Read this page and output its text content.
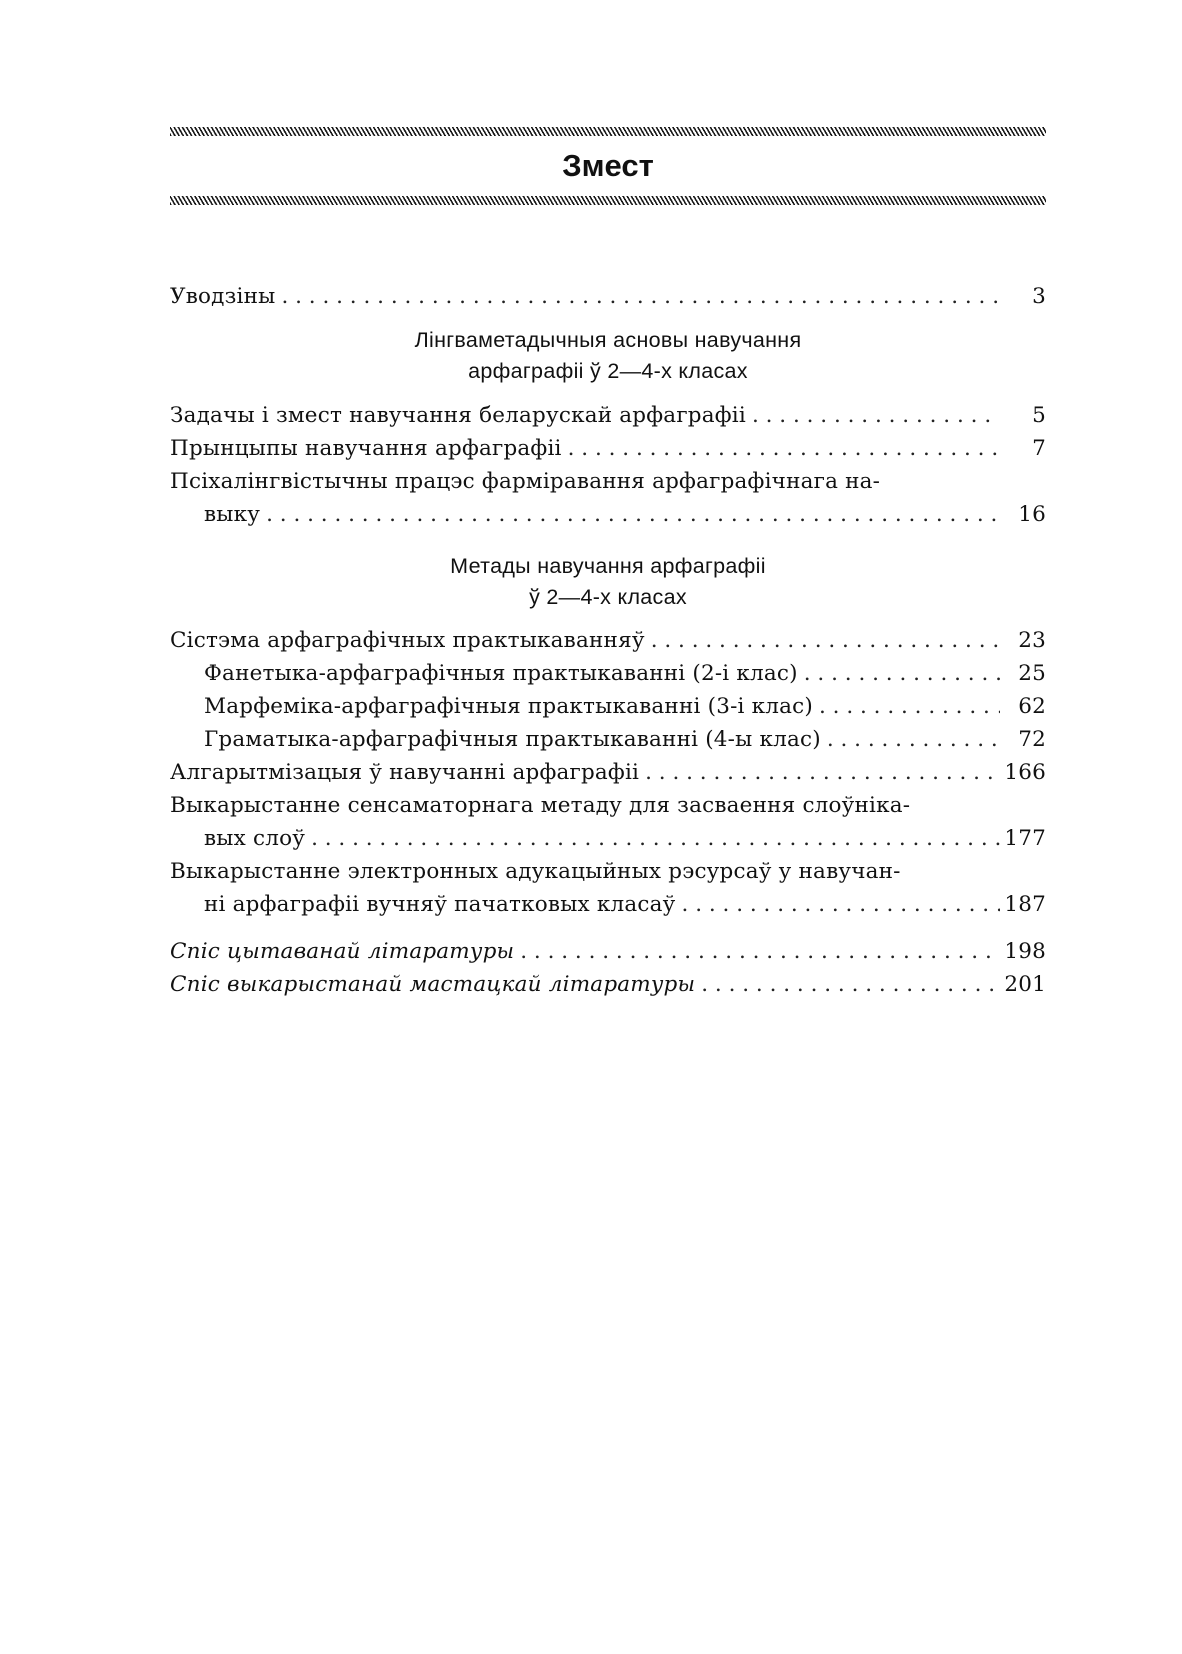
Змест
Уводзіны . . .	3
Лінгваметадычныя асновы навучання
арфаграфіі ў 2—4-х класах
Задачы і змест навучання беларускай арфаграфіі . . .	5
Прынцыпы навучання арфаграфіі . . .	7
Псіхалінгвістычны працэс фарміравання арфаграфічнага на-
выку . . .	16
Метады навучання арфаграфіі
ў 2—4-х класах
Сістэма арфаграфічных практыкаванняў . . .	23
Фанетыка-арфаграфічныя практыкаванні (2-і клас) . . .	25
Марфеміка-арфаграфічныя практыкаванні (3-і клас) . . .	62
Граматыка-арфаграфічныя практыкаванні (4-ы клас) . . .	72
Алгарытмізацыя ў навучанні арфаграфіі . . .	166
Выкарыстанне сенсаматорнага метаду для засваення слоўніка-
вых слоў . . .	177
Выкарыстанне электронных адукацыйных рэсурсаў у навучан-
ні арфаграфіі вучняў пачатковых класаў . . .	187
Спіс цытаванай літаратуры . . .	198
Спіс выкарыстанай мастацкай літаратуры . . .	201
